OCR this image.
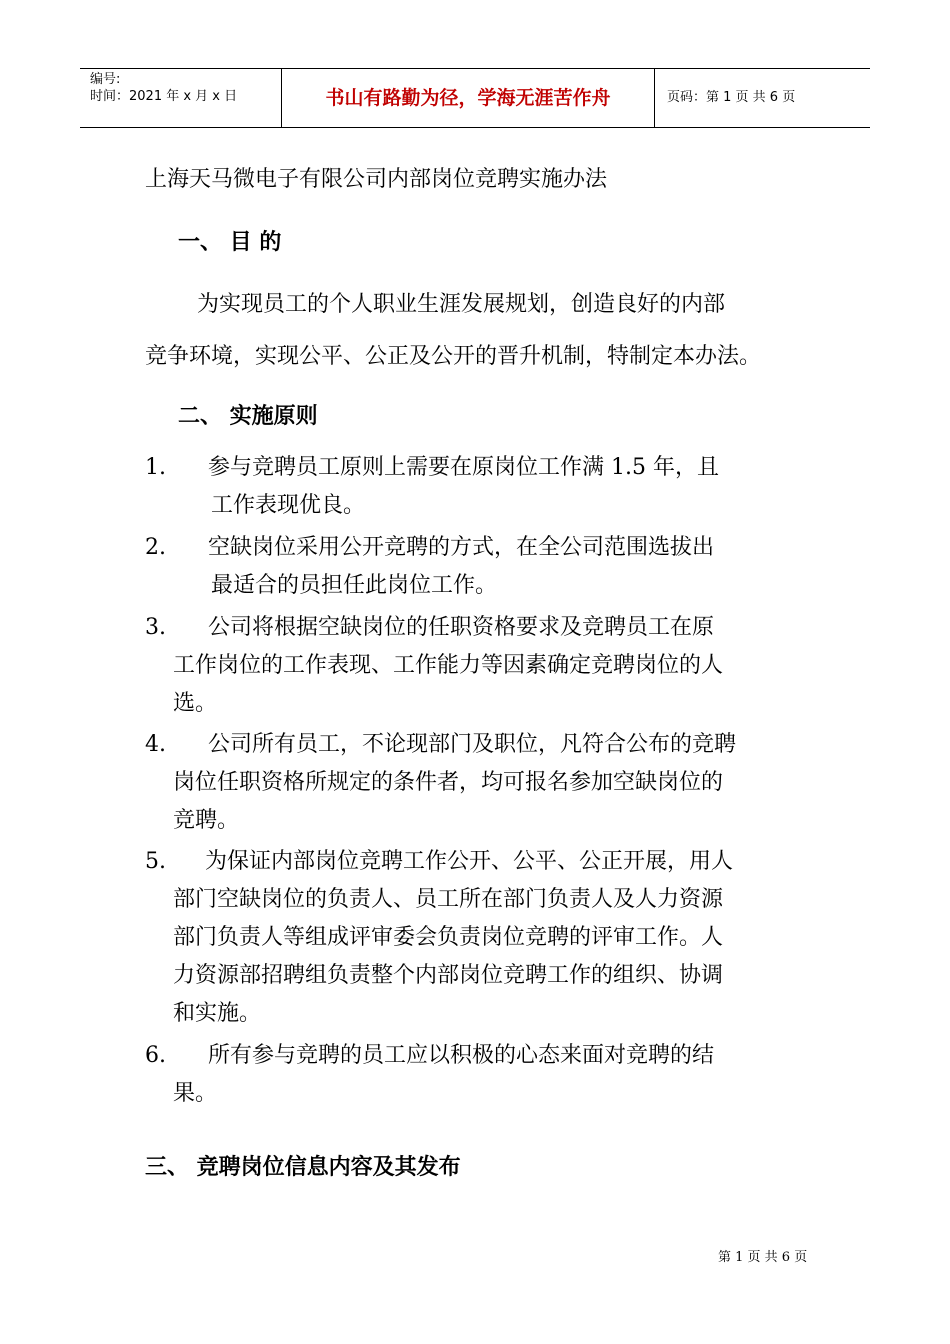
编号:
时间：2021 年 x 月 x 日	书山有路勤为径，学海无涯苦作舟	页码：第 1 页 共 6 页
上海天马微电子有限公司内部岗位竞聘实施办法
一、 目 的
为实现员工的个人职业生涯发展规划，创造良好的内部
竞争环境，实现公平、公正及公开的晋升机制，特制定本办法。
二、 实施原则
1.	参与竞聘员工原则上需要在原岗位工作满 1.5 年，且
工作表现优良。
2.	空缺岗位采用公开竞聘的方式，在全公司范围选拔出
最适合的员担任此岗位工作。
3.	公司将根据空缺岗位的任职资格要求及竞聘员工在原
工作岗位的工作表现、工作能力等因素确定竞聘岗位的人
选。
4.	公司所有员工，不论现部门及职位，凡符合公布的竞聘
岗位任职资格所规定的条件者，均可报名参加空缺岗位的
竞聘。
5.	为保证内部岗位竞聘工作公开、公平、公正开展，用人
部门空缺岗位的负责人、员工所在部门负责人及人力资源
部门负责人等组成评审委会负责岗位竞聘的评审工作。人
力资源部招聘组负责整个内部岗位竞聘工作的组织、协调
和实施。
6.	所有参与竞聘的员工应以积极的心态来面对竞聘的结
果。
三、 竞聘岗位信息内容及其发布
第 1 页 共 6 页
